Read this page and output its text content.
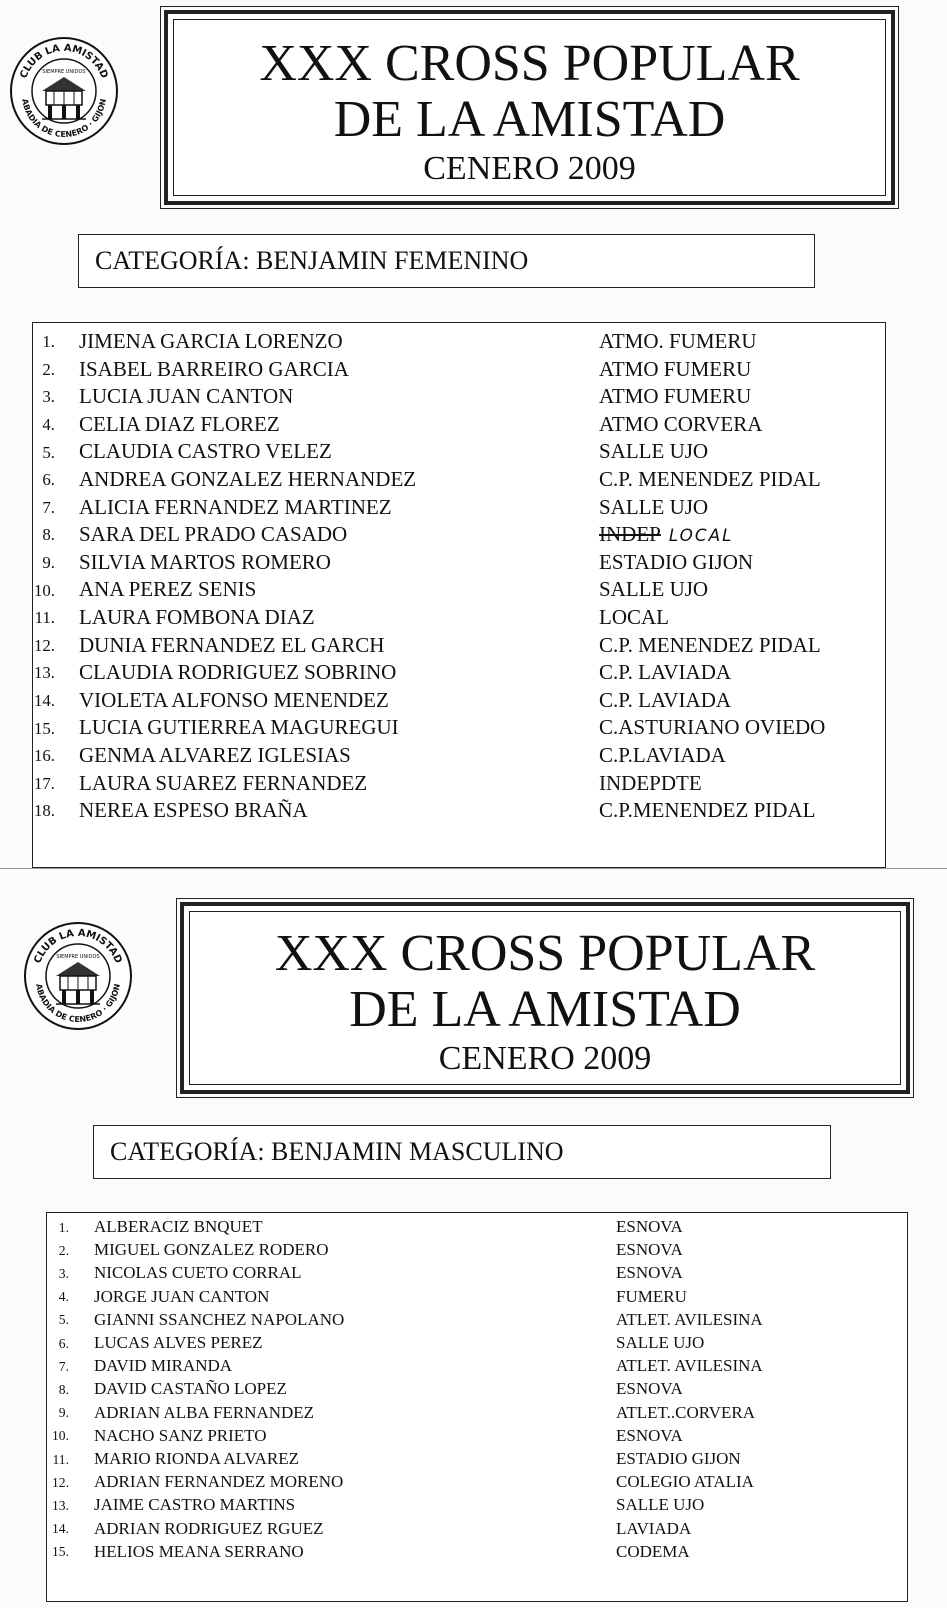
CLUB LA AMISTAD
ABADIA DE CENERO · GIJON
SIEMPRE UNIDOS	XXX CROSS POPULAR
DE LA AMISTAD
CENERO 2009
CATEGORÍA: BENJAMIN FEMENINO
1. JIMENA GARCIA LORENZO	ATMO. FUMERU
2. ISABEL BARREIRO GARCIA	ATMO FUMERU
3. LUCIA JUAN CANTON	ATMO FUMERU
4. CELIA DIAZ FLOREZ	ATMO CORVERA
5. CLAUDIA CASTRO VELEZ	SALLE UJO
6. ANDREA GONZALEZ HERNANDEZ	C.P. MENENDEZ PIDAL
7. ALICIA FERNANDEZ MARTINEZ	SALLE UJO
8. SARA DEL PRADO CASADO	INDEP LOCAL
9. SILVIA MARTOS ROMERO	ESTADIO GIJON
10. ANA PEREZ SENIS	SALLE UJO
11. LAURA FOMBONA DIAZ	LOCAL
12. DUNIA FERNANDEZ EL GARCH	C.P. MENENDEZ PIDAL
13. CLAUDIA RODRIGUEZ SOBRINO	C.P. LAVIADA
14. VIOLETA ALFONSO MENENDEZ	C.P. LAVIADA
15. LUCIA GUTIERREA MAGUREGUI	C.ASTURIANO OVIEDO
16. GENMA ALVAREZ IGLESIAS	C.P.LAVIADA
17. LAURA SUAREZ FERNANDEZ	INDEPDTE
18. NEREA ESPESO BRAÑA	C.P.MENENDEZ PIDAL
CLUB LA AMISTAD
ABADIA DE CENERO · GIJON
SIEMPRE UNIDOS	XXX CROSS POPULAR
DE LA AMISTAD
CENERO 2009
CATEGORÍA: BENJAMIN MASCULINO
1. ALBERACIZ BNQUET	ESNOVA
2. MIGUEL GONZALEZ RODERO	ESNOVA
3. NICOLAS CUETO CORRAL	ESNOVA
4. JORGE JUAN CANTON	FUMERU
5. GIANNI SSANCHEZ NAPOLANO	ATLET. AVILESINA
6. LUCAS ALVES PEREZ	SALLE UJO
7. DAVID MIRANDA	ATLET. AVILESINA
8. DAVID CASTAÑO LOPEZ	ESNOVA
9. ADRIAN ALBA FERNANDEZ	ATLET..CORVERA
10. NACHO SANZ PRIETO	ESNOVA
11. MARIO RIONDA ALVAREZ	ESTADIO GIJON
12. ADRIAN FERNANDEZ MORENO	COLEGIO ATALIA
13. JAIME CASTRO MARTINS	SALLE UJO
14. ADRIAN RODRIGUEZ RGUEZ	LAVIADA
15. HELIOS MEANA SERRANO	CODEMA
